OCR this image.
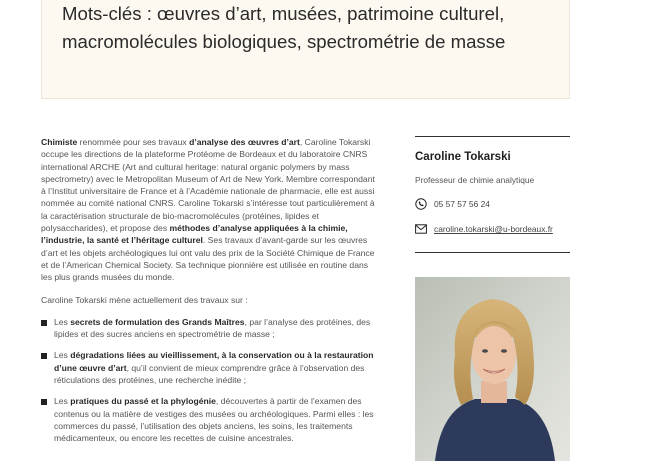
Mots-clés : œuvres d’art, musées, patrimoine culturel, macromolécules biologiques, spectrométrie de masse

Chimiste renommée pour ses travaux d’analyse des œuvres d’art, Caroline Tokarski occupe les directions de la plateforme Protéome de Bordeaux et du laboratoire CNRS international ARCHE (Art and cultural heritage: natural organic polymers by mass spectrometry) avec le Metropolitan Museum of Art de New York. Membre correspondant à l’Institut universitaire de France et à l’Académie nationale de pharmacie, elle est aussi nommée au comité national CNRS. Caroline Tokarski s’intéresse tout particulièrement à la caractérisation structurale de bio-macromolécules (protéines, lipides et polysaccharides), et propose des méthodes d’analyse appliquées à la chimie, l’industrie, la santé et l’héritage culturel. Ses travaux d’avant-garde sur les œuvres d’art et les objets archéologiques lui ont valu des prix de la Société Chimique de France et de l’American Chemical Society. Sa technique pionnière est utilisée en routine dans les plus grands musées du monde.

Caroline Tokarski mène actuellement des travaux sur :

Les secrets de formulation des Grands Maîtres, par l’analyse des protéines, des lipides et des sucres anciens en spectrométrie de masse ;
Les dégradations liées au vieillissement, à la conservation ou à la restauration d’une œuvre d’art, qu’il convient de mieux comprendre grâce à l’observation des réticulations des protéines, une recherche inédite ;
Les pratiques du passé et la phylogénie, découvertes à partir de l’examen des contenus ou la matière de vestiges des musées ou archéologiques. Parmi elles : les commerces du passé, l’utilisation des objets anciens, les soins, les traitements médicamenteux, ou encore les recettes de cuisine ancestrales.
Caroline Tokarski
Professeur de chimie analytique
05 57 57 56 24
caroline.tokarski@u-bordeaux.fr
